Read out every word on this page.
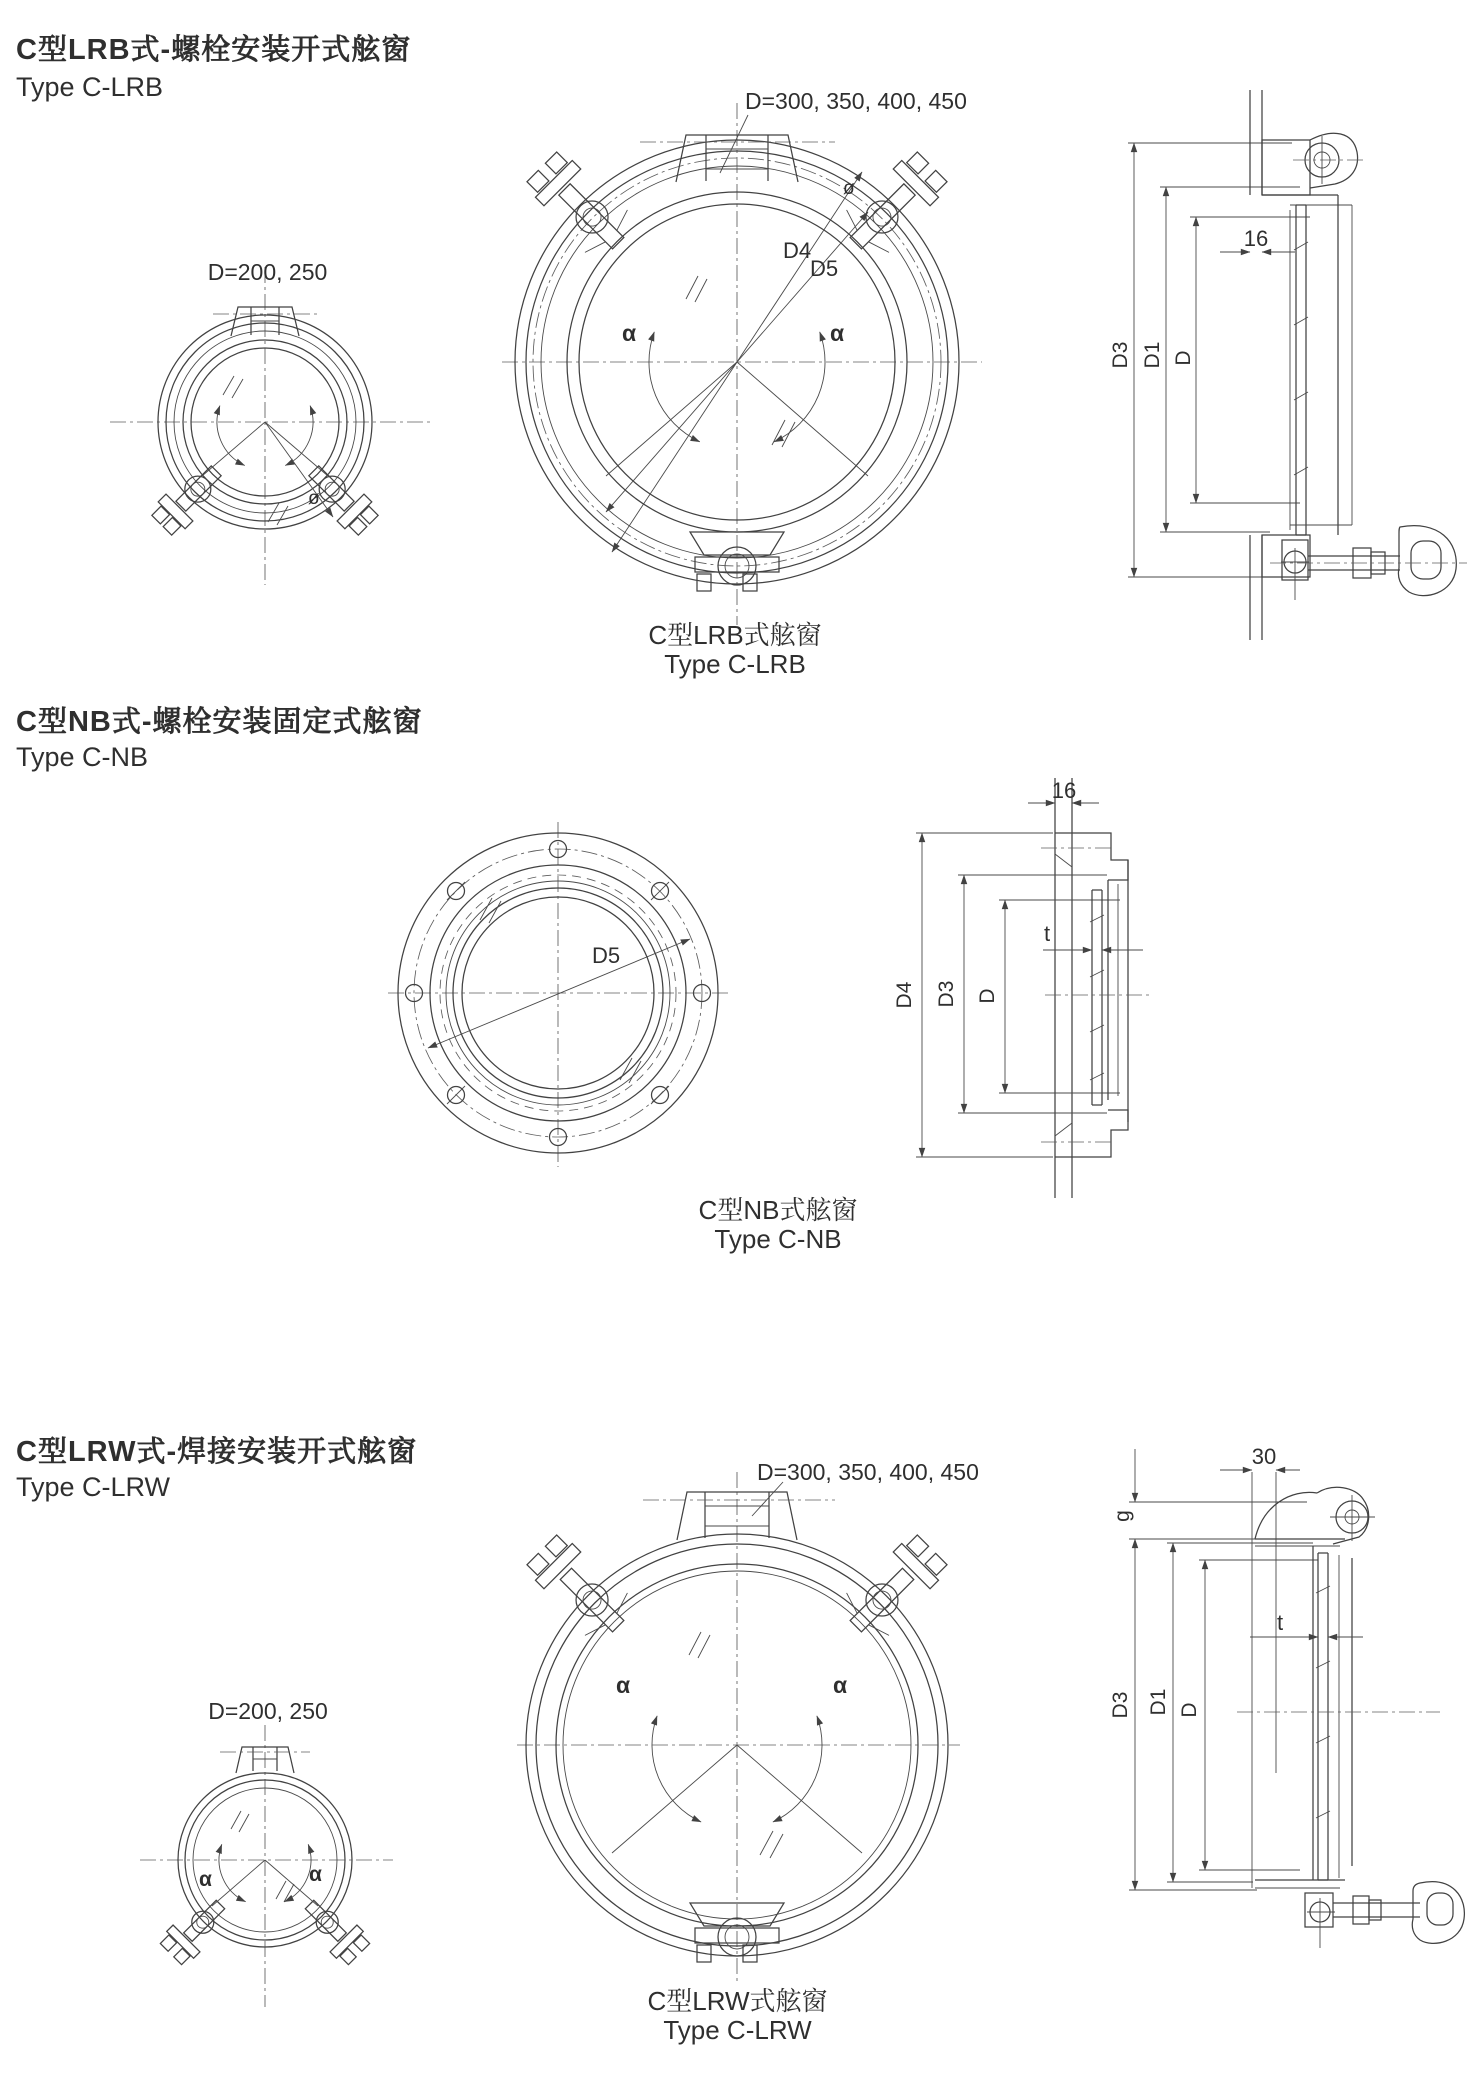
C型LRB式-螺栓安装开式舷窗
Type C-LRB
D=200, 250
ø
D=300, 350, 400, 450
D4
D5
ø
α	α
16
D3 D1 D
C型LRB式舷窗
Type C-LRB
C型NB式-螺栓安装固定式舷窗
Type C-NB
D5
16
t
D4 D3 D
C型NB式舷窗
Type C-NB
C型LRW式-焊接安装开式舷窗
Type C-LRW	D=300, 350, 400, 450
α	α
D=200, 250
α	α
30
g
t
D3 D1 D
C型LRW式舷窗
Type C-LRW
